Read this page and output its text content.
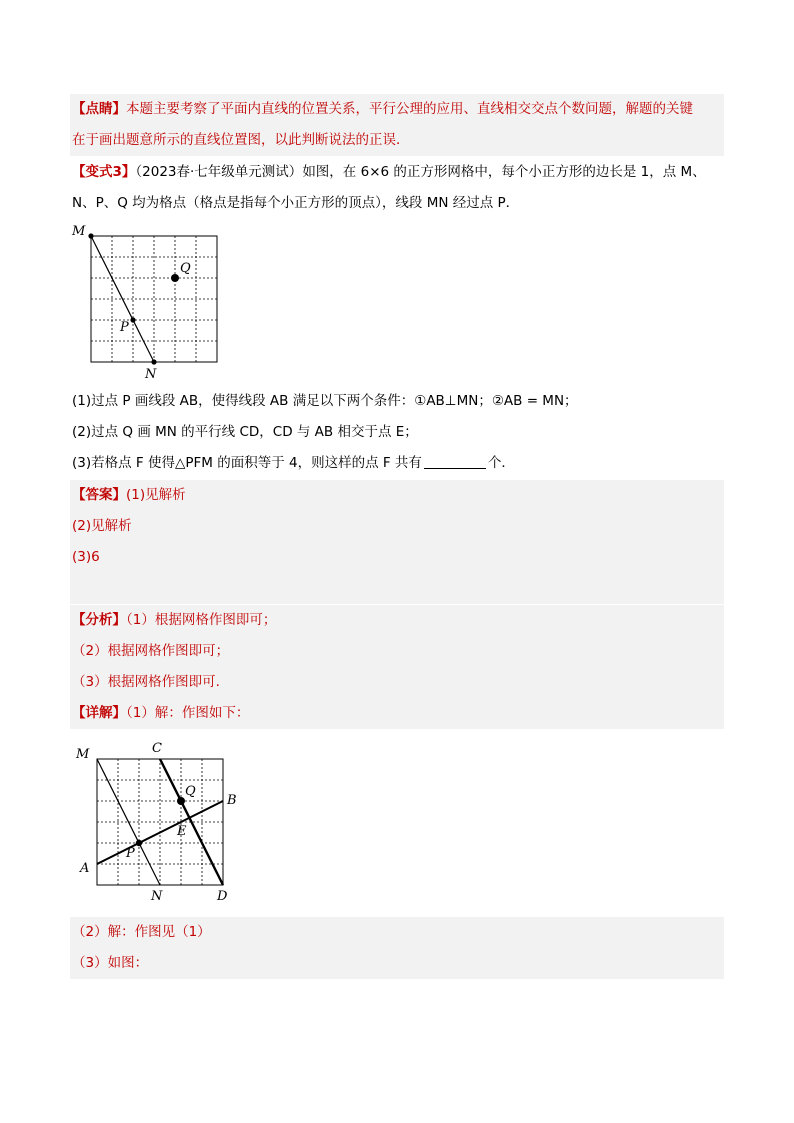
【点睛】本题主要考察了平面内直线的位置关系，平行公理的应用、直线相交交点个数问题，解题的关键
在于画出题意所示的直线位置图，以此判断说法的正误．
【变式3】（2023春·七年级单元测试）如图，在 6×6 的正方形网格中，每个小正方形的边长是 1，点 M、
N、P、Q 均为格点（格点是指每个小正方形的顶点），线段 MN 经过点 P．
M
Q
P
N
(1)过点 P 画线段 AB，使得线段 AB 满足以下两个条件：①AB⊥MN；②AB = MN；
(2)过点 Q 画 MN 的平行线 CD，CD 与 AB 相交于点 E；
(3)若格点 F 使得△PFM 的面积等于 4，则这样的点 F 共有	个．
【答案】(1)见解析
(2)见解析
(3)6
【分析】（1）根据网格作图即可；
（2）根据网格作图即可；
（3）根据网格作图即可.
【详解】（1）解：作图如下：
M	C
Q
B
E
P
A
N	D
（2）解：作图见（1）
（3）如图：
